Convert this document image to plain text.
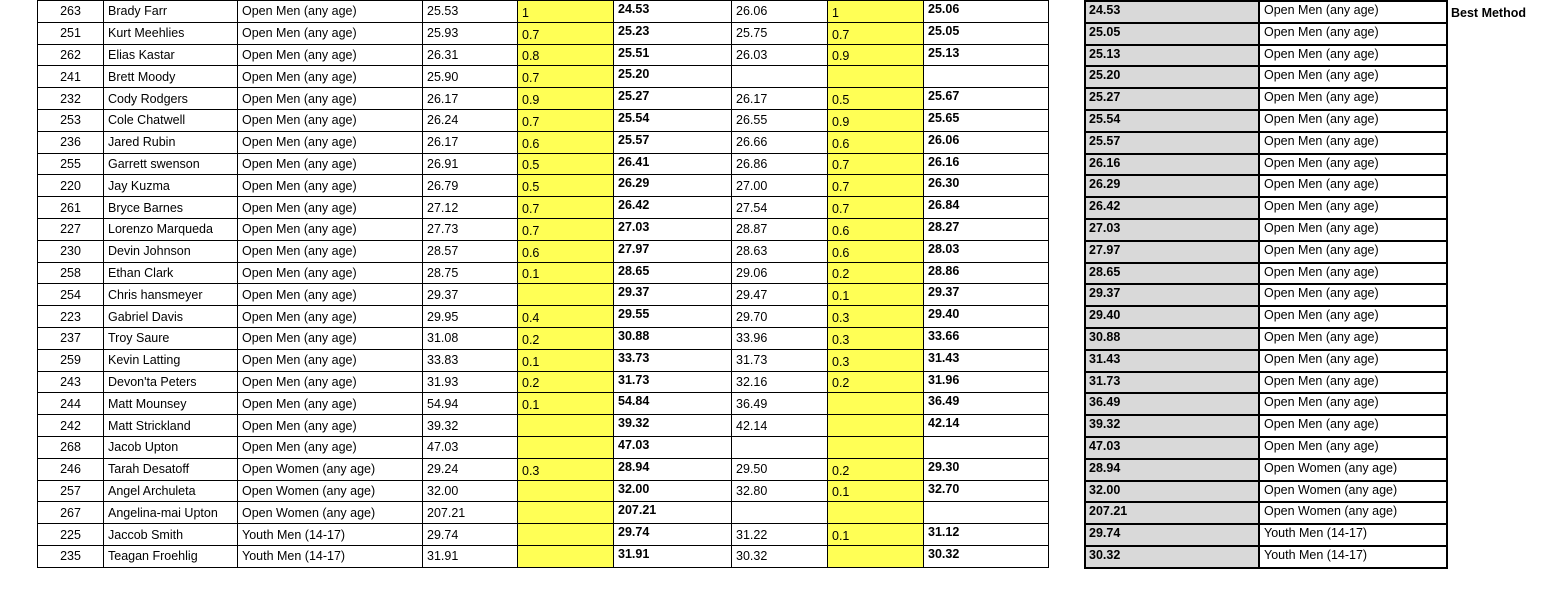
263	Brady Farr	Open Men (any age)	25.53	1	24.53	26.06	1	25.06
251	Kurt Meehlies	Open Men (any age)	25.93	0.7	25.23	25.75	0.7	25.05
262	Elias Kastar	Open Men (any age)	26.31	0.8	25.51	26.03	0.9	25.13
241	Brett Moody	Open Men (any age)	25.90	0.7	25.20			
232	Cody Rodgers	Open Men (any age)	26.17	0.9	25.27	26.17	0.5	25.67
253	Cole Chatwell	Open Men (any age)	26.24	0.7	25.54	26.55	0.9	25.65
236	Jared Rubin	Open Men (any age)	26.17	0.6	25.57	26.66	0.6	26.06
255	Garrett swenson	Open Men (any age)	26.91	0.5	26.41	26.86	0.7	26.16
220	Jay Kuzma	Open Men (any age)	26.79	0.5	26.29	27.00	0.7	26.30
261	Bryce Barnes	Open Men (any age)	27.12	0.7	26.42	27.54	0.7	26.84
227	Lorenzo Marqueda	Open Men (any age)	27.73	0.7	27.03	28.87	0.6	28.27
230	Devin Johnson	Open Men (any age)	28.57	0.6	27.97	28.63	0.6	28.03
258	Ethan Clark	Open Men (any age)	28.75	0.1	28.65	29.06	0.2	28.86
254	Chris hansmeyer	Open Men (any age)	29.37		29.37	29.47	0.1	29.37
223	Gabriel Davis	Open Men (any age)	29.95	0.4	29.55	29.70	0.3	29.40
237	Troy Saure	Open Men (any age)	31.08	0.2	30.88	33.96	0.3	33.66
259	Kevin Latting	Open Men (any age)	33.83	0.1	33.73	31.73	0.3	31.43
243	Devon'ta Peters	Open Men (any age)	31.93	0.2	31.73	32.16	0.2	31.96
244	Matt Mounsey	Open Men (any age)	54.94	0.1	54.84	36.49		36.49
242	Matt Strickland	Open Men (any age)	39.32		39.32	42.14		42.14
268	Jacob Upton	Open Men (any age)	47.03		47.03			
246	Tarah Desatoff	Open Women (any age)	29.24	0.3	28.94	29.50	0.2	29.30
257	Angel Archuleta	Open Women (any age)	32.00		32.00	32.80	0.1	32.70
267	Angelina-mai Upton	Open Women (any age)	207.21		207.21			
225	Jaccob Smith	Youth Men (14-17)	29.74		29.74	31.22	0.1	31.12
235	Teagan Froehlig	Youth Men (14-17)	31.91		31.91	30.32		30.32
24.53	Open Men (any age)
25.05	Open Men (any age)
25.13	Open Men (any age)
25.20	Open Men (any age)
25.27	Open Men (any age)
25.54	Open Men (any age)
25.57	Open Men (any age)
26.16	Open Men (any age)
26.29	Open Men (any age)
26.42	Open Men (any age)
27.03	Open Men (any age)
27.97	Open Men (any age)
28.65	Open Men (any age)
29.37	Open Men (any age)
29.40	Open Men (any age)
30.88	Open Men (any age)
31.43	Open Men (any age)
31.73	Open Men (any age)
36.49	Open Men (any age)
39.32	Open Men (any age)
47.03	Open Men (any age)
28.94	Open Women (any age)
32.00	Open Women (any age)
207.21	Open Women (any age)
29.74	Youth Men (14-17)
30.32	Youth Men (14-17)
Best Method
